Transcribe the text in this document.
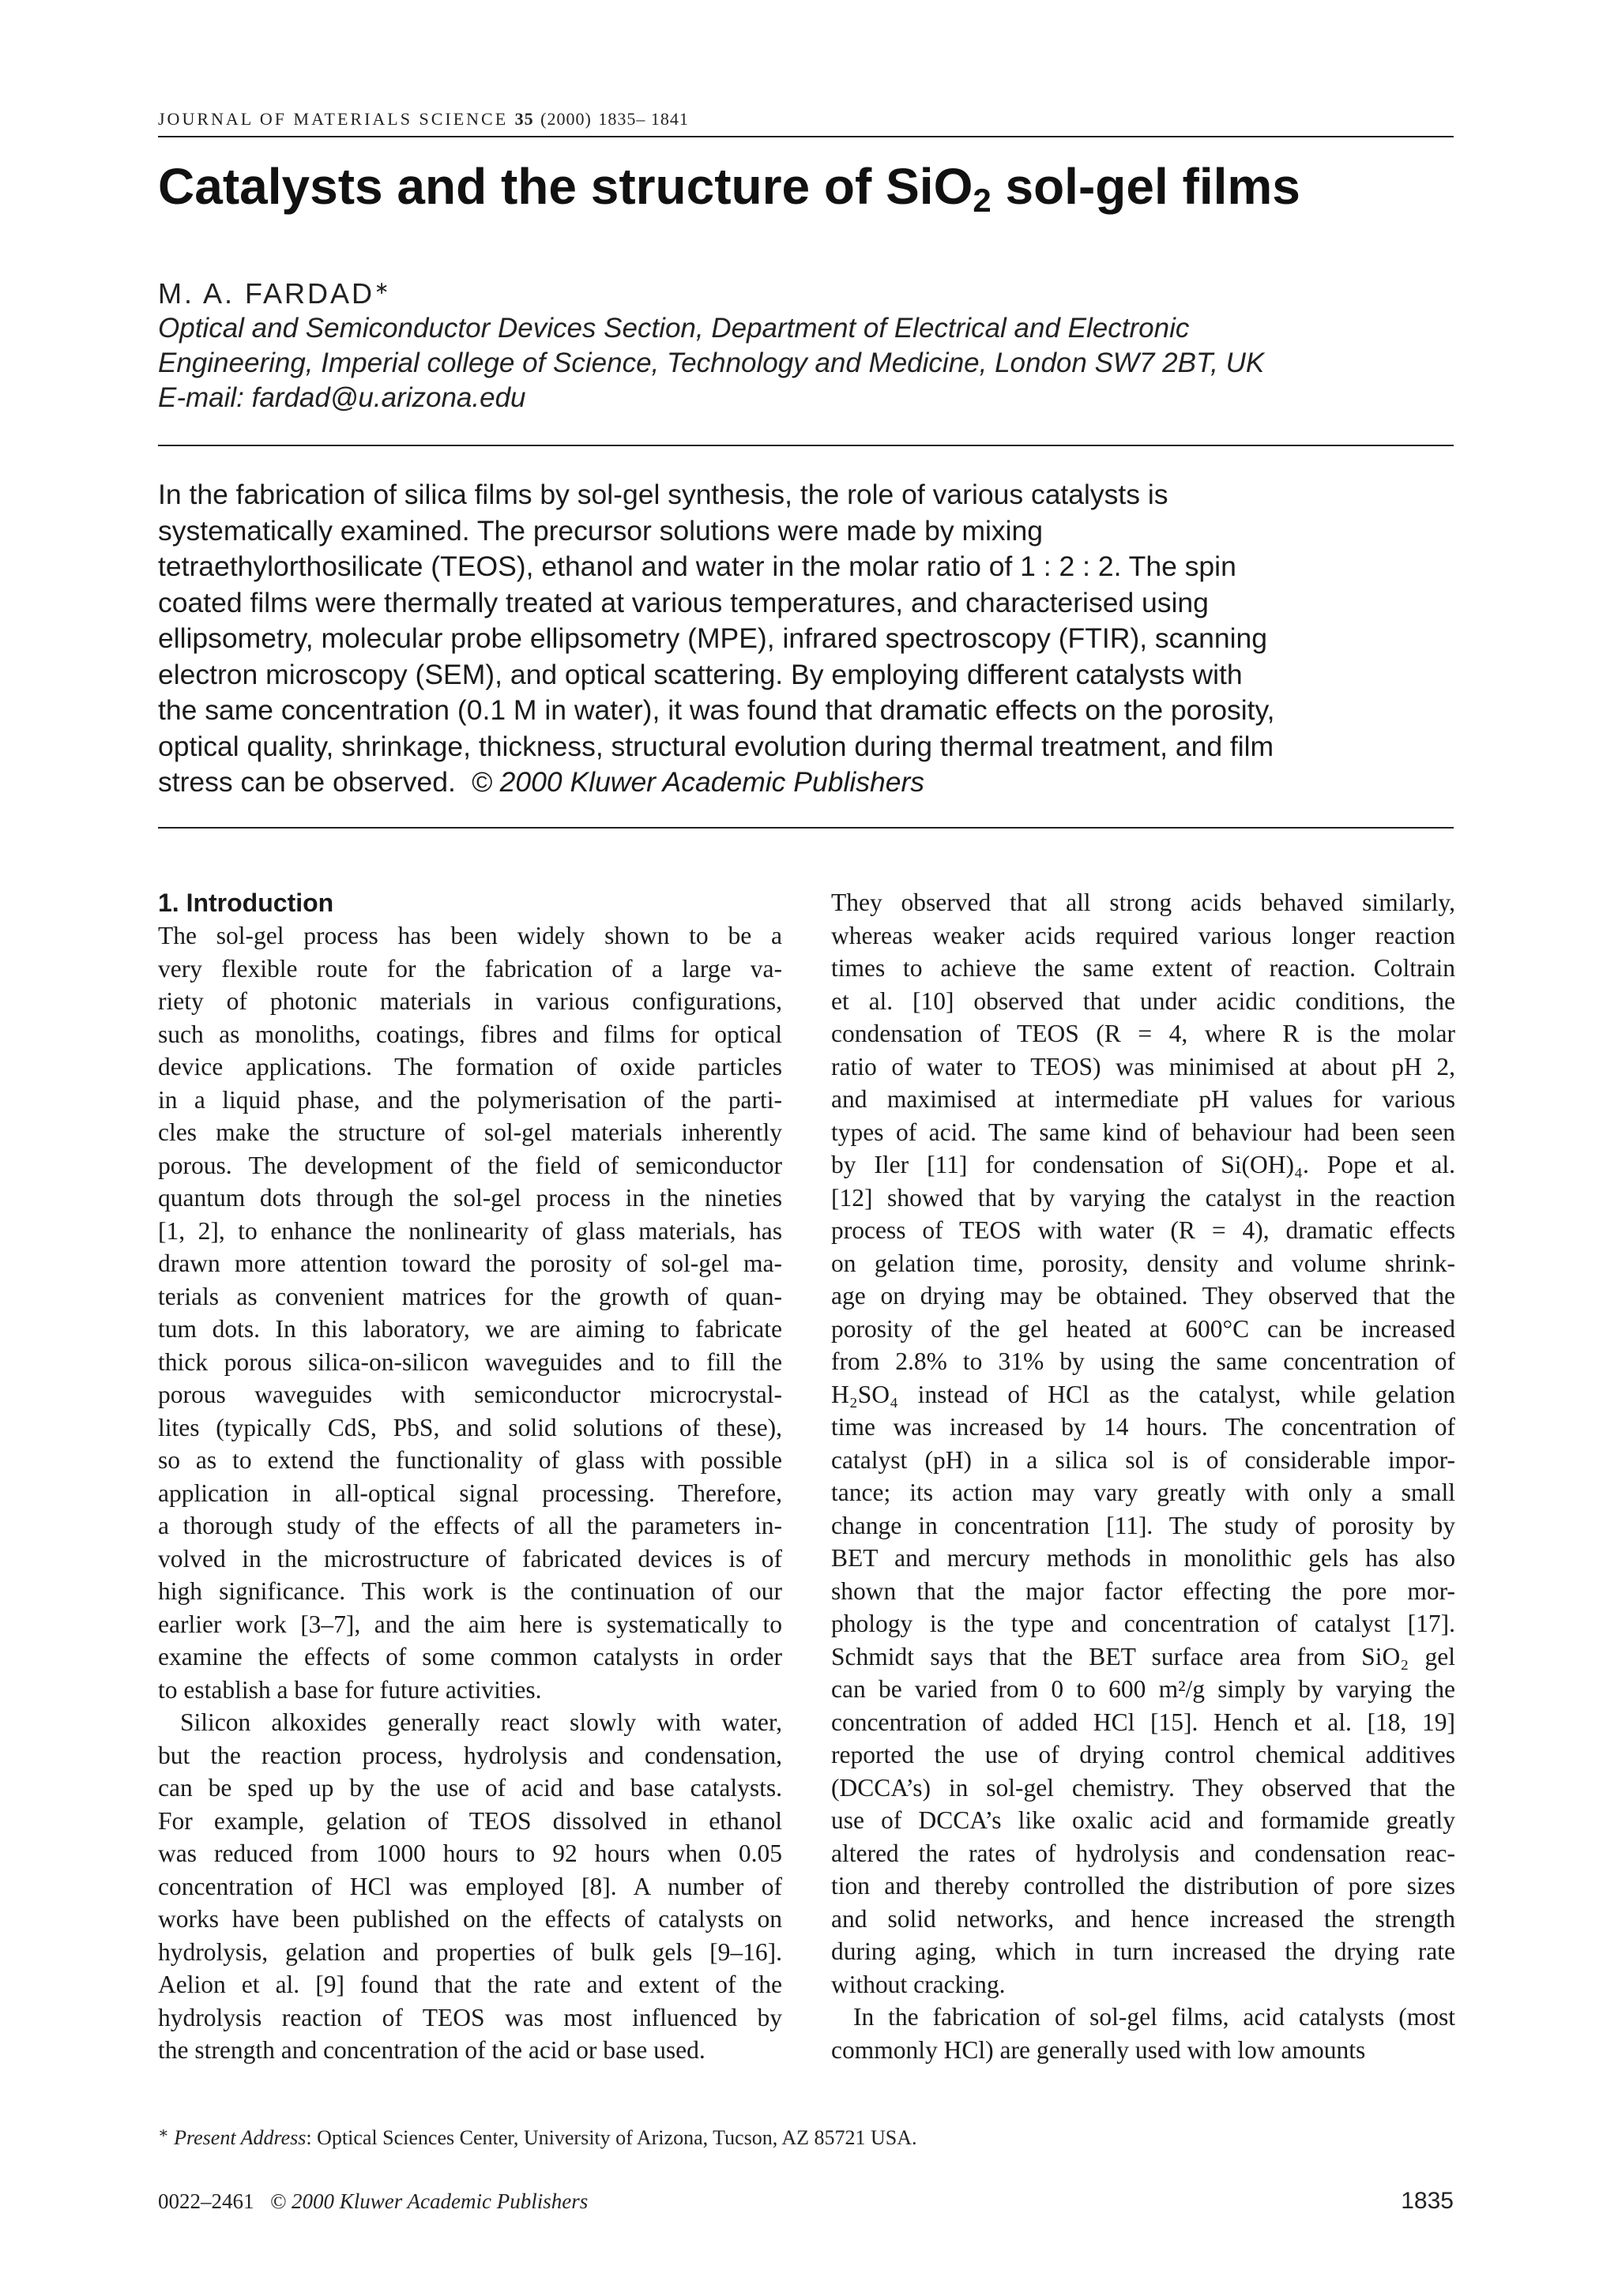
JOURNAL OF MATERIALS SCIENCE 35 (2000) 1835– 1841
Catalysts and the structure of SiO$_2$ sol-gel films
M. A. FARDAD∗
Optical and Semiconductor Devices Section, Department of Electrical and Electronic
Engineering, Imperial college of Science, Technology and Medicine, London SW7 2BT, UK
E-mail: fardad@u.arizona.edu
In the fabrication of silica films by sol-gel synthesis, the role of various catalysts is
systematically examined. The precursor solutions were made by mixing
tetraethylorthosilicate (TEOS), ethanol and water in the molar ratio of 1 : 2 : 2. The spin
coated films were thermally treated at various temperatures, and characterised using
ellipsometry, molecular probe ellipsometry (MPE), infrared spectroscopy (FTIR), scanning
electron microscopy (SEM), and optical scattering. By employing different catalysts with
the same concentration (0.1 M in water), it was found that dramatic effects on the porosity,
optical quality, shrinkage, thickness, structural evolution during thermal treatment, and film
stress can be observed. © 2000 Kluwer Academic Publishers
1. Introduction
The sol-gel process has been widely shown to be a
very flexible route for the fabrication of a large va-
riety of photonic materials in various configurations,
such as monoliths, coatings, fibres and films for optical
device applications. The formation of oxide particles
in a liquid phase, and the polymerisation of the parti-
cles make the structure of sol-gel materials inherently
porous. The development of the field of semiconductor
quantum dots through the sol-gel process in the nineties
[1, 2], to enhance the nonlinearity of glass materials, has
drawn more attention toward the porosity of sol-gel ma-
terials as convenient matrices for the growth of quan-
tum dots. In this laboratory, we are aiming to fabricate
thick porous silica-on-silicon waveguides and to fill the
porous waveguides with semiconductor microcrystal-
lites (typically CdS, PbS, and solid solutions of these),
so as to extend the functionality of glass with possible
application in all-optical signal processing. Therefore,
a thorough study of the effects of all the parameters in-
volved in the microstructure of fabricated devices is of
high significance. This work is the continuation of our
earlier work [3–7], and the aim here is systematically to
examine the effects of some common catalysts in order
to establish a base for future activities.
Silicon alkoxides generally react slowly with water,
but the reaction process, hydrolysis and condensation,
can be sped up by the use of acid and base catalysts.
For example, gelation of TEOS dissolved in ethanol
was reduced from 1000 hours to 92 hours when 0.05
concentration of HCl was employed [8]. A number of
works have been published on the effects of catalysts on
hydrolysis, gelation and properties of bulk gels [9–16].
Aelion et al. [9] found that the rate and extent of the
hydrolysis reaction of TEOS was most influenced by
the strength and concentration of the acid or base used.
They observed that all strong acids behaved similarly,
whereas weaker acids required various longer reaction
times to achieve the same extent of reaction. Coltrain
et al. [10] observed that under acidic conditions, the
condensation of TEOS (R = 4, where R is the molar
ratio of water to TEOS) was minimised at about pH 2,
and maximised at intermediate pH values for various
types of acid. The same kind of behaviour had been seen
by Iler [11] for condensation of Si(OH)₄. Pope et al.
[12] showed that by varying the catalyst in the reaction
process of TEOS with water (R = 4), dramatic effects
on gelation time, porosity, density and volume shrink-
age on drying may be obtained. They observed that the
porosity of the gel heated at 600°C can be increased
from 2.8% to 31% by using the same concentration of
H₂SO₄ instead of HCl as the catalyst, while gelation
time was increased by 14 hours. The concentration of
catalyst (pH) in a silica sol is of considerable impor-
tance; its action may vary greatly with only a small
change in concentration [11]. The study of porosity by
BET and mercury methods in monolithic gels has also
shown that the major factor effecting the pore mor-
phology is the type and concentration of catalyst [17].
Schmidt says that the BET surface area from SiO₂ gel
can be varied from 0 to 600 m²/g simply by varying the
concentration of added HCl [15]. Hench et al. [18, 19]
reported the use of drying control chemical additives
(DCCA’s) in sol-gel chemistry. They observed that the
use of DCCA’s like oxalic acid and formamide greatly
altered the rates of hydrolysis and condensation reac-
tion and thereby controlled the distribution of pore sizes
and solid networks, and hence increased the strength
during aging, which in turn increased the drying rate
without cracking.
In the fabrication of sol-gel films, acid catalysts (most
commonly HCl) are generally used with low amounts
∗ Present Address: Optical Sciences Center, University of Arizona, Tucson, AZ 85721 USA.
0022–2461 © 2000 Kluwer Academic Publishers	1835
